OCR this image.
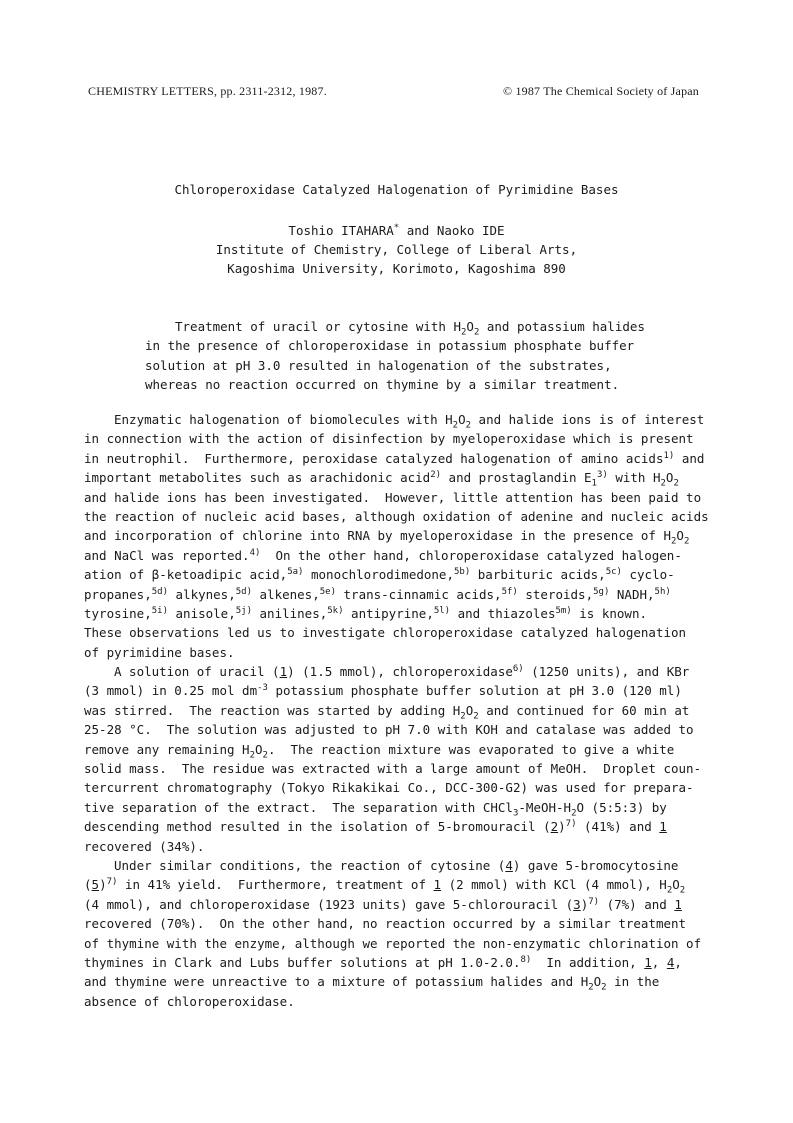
CHEMISTRY LETTERS, pp. 2311-2312, 1987.	© 1987 The Chemical Society of Japan
Chloroperoxidase Catalyzed Halogenation of Pyrimidine Bases
Toshio ITAHARA* and Naoko IDE
Institute of Chemistry, College of Liberal Arts,
Kagoshima University, Korimoto, Kagoshima 890
Treatment of uracil or cytosine with $H_2O_2$ and potassium halides
in the presence of chloroperoxidase in potassium phosphate buffer
solution at pH 3.0 resulted in halogenation of the substrates,
whereas no reaction occurred on thymine by a similar treatment.
Enzymatic halogenation of biomolecules with $H_2O_2$ and halide ions is of interest
in connection with the action of disinfection by myeloperoxidase which is present
in neutrophil.  Furthermore, peroxidase catalyzed halogenation of amino acids$^{1)}$ and
important metabolites such as arachidonic acid$^{2)}$ and prostaglandin $E_1^{3)}$ with $H_2O_2$
and halide ions has been investigated.  However, little attention has been paid to
the reaction of nucleic acid bases, although oxidation of adenine and nucleic acids
and incorporation of chlorine into RNA by myeloperoxidase in the presence of $H_2O_2$
and NaCl was reported.$^{4)}$  On the other hand, chloroperoxidase catalyzed halogen-
ation of β-ketoadipic acid,$^{5a)}$ monochlorodimedone,$^{5b)}$ barbituric acids,$^{5c)}$ cyclo-
propanes,$^{5d)}$ alkynes,$^{5d)}$ alkenes,$^{5e)}$ trans-cinnamic acids,$^{5f)}$ steroids,$^{5g)}$ NADH,$^{5h)}$
tyrosine,$^{5i)}$ anisole,$^{5j)}$ anilines,$^{5k)}$ antipyrine,$^{5l)}$ and thiazoles$^{5m)}$ is known.
These observations led us to investigate chloroperoxidase catalyzed halogenation
of pyrimidine bases.
A solution of uracil (1) (1.5 mmol), chloroperoxidase$^{6)}$ (1250 units), and KBr
(3 mmol) in 0.25 mol $dm^{-3}$ potassium phosphate buffer solution at pH 3.0 (120 ml)
was stirred.  The reaction was started by adding $H_2O_2$ and continued for 60 min at
25-28 °C.  The solution was adjusted to pH 7.0 with KOH and catalase was added to
remove any remaining $H_2O_2$.  The reaction mixture was evaporated to give a white
solid mass.  The residue was extracted with a large amount of MeOH.  Droplet coun-
tercurrent chromatography (Tokyo Rikakikai Co., DCC-300-G2) was used for prepara-
tive separation of the extract.  The separation with $CHCl_3-MeOH-H_2O$ (5:5:3) by
descending method resulted in the isolation of 5-bromouracil $(2)^{7)}$ (41%) and 1
recovered (34%).
Under similar conditions, the reaction of cytosine (4) gave 5-bromocytosine
$(5)^{7)}$ in 41% yield.  Furthermore, treatment of 1 (2 mmol) with KCl (4 mmol), $H_2O_2$
(4 mmol), and chloroperoxidase (1923 units) gave 5-chlorouracil $(3)^{7)}$ (7%) and 1
recovered (70%).  On the other hand, no reaction occurred by a similar treatment
of thymine with the enzyme, although we reported the non-enzymatic chlorination of
thymines in Clark and Lubs buffer solutions at pH 1.0-2.0.$^{8)}$  In addition, 1, 4,
and thymine were unreactive to a mixture of potassium halides and $H_2O_2$ in the
absence of chloroperoxidase.
